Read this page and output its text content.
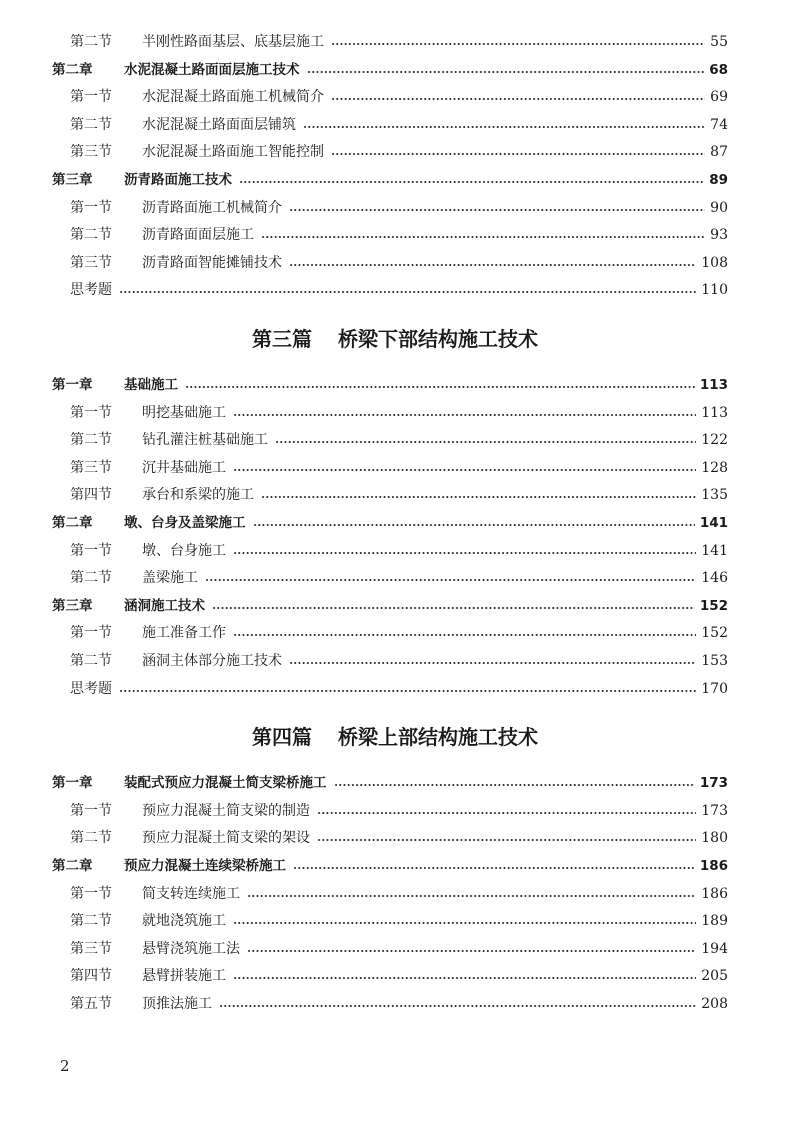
第二节	半刚性路面基层、底基层施工	55
第二章	水泥混凝土路面面层施工技术	68
第一节	水泥混凝土路面施工机械简介	69
第二节	水泥混凝土路面面层铺筑	74
第三节	水泥混凝土路面施工智能控制	87
第三章	沥青路面施工技术	89
第一节	沥青路面施工机械简介	90
第二节	沥青路面面层施工	93
第三节	沥青路面智能摊铺技术	108
思考题	110
第三篇 桥梁下部结构施工技术
第一章	基础施工	113
第一节	明挖基础施工	113
第二节	钻孔灌注桩基础施工	122
第三节	沉井基础施工	128
第四节	承台和系梁的施工	135
第二章	墩、台身及盖梁施工	141
第一节	墩、台身施工	141
第二节	盖梁施工	146
第三章	涵洞施工技术	152
第一节	施工准备工作	152
第二节	涵洞主体部分施工技术	153
思考题	170
第四篇 桥梁上部结构施工技术
第一章	装配式预应力混凝土简支梁桥施工	173
第一节	预应力混凝土简支梁的制造	173
第二节	预应力混凝土简支梁的架设	180
第二章	预应力混凝土连续梁桥施工	186
第一节	简支转连续施工	186
第二节	就地浇筑施工	189
第三节	悬臂浇筑施工法	194
第四节	悬臂拼装施工	205
第五节	顶推法施工	208
2
